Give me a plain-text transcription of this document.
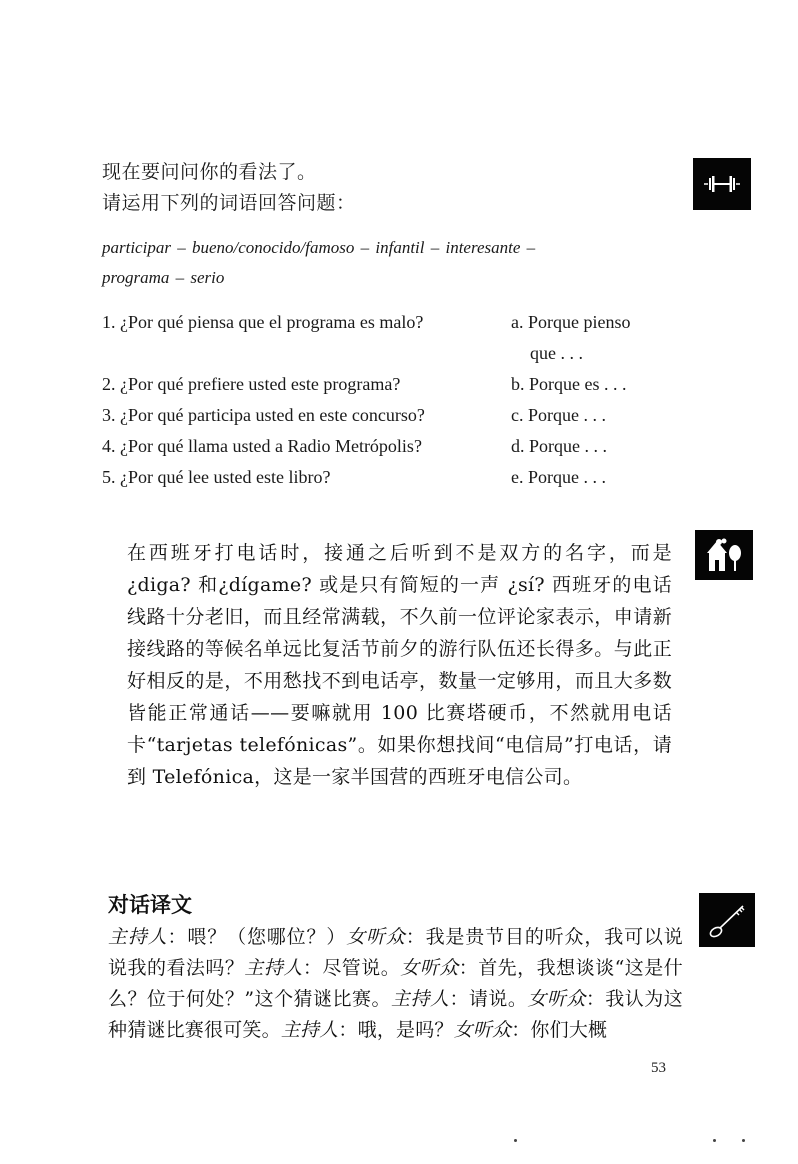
现在要问问你的看法了。
请运用下列的词语回答问题：
participar – bueno/conocido/famoso – infantil – interesante –
programa – serio
1. ¿Por qué piensa que el programa es malo?
2. ¿Por qué prefiere usted este programa?
3. ¿Por qué participa usted en este concurso?
4. ¿Por qué llama usted a Radio Metrópolis?
5. ¿Por qué lee usted este libro?
a. Porque pienso
que . . .
b. Porque es . . .
c. Porque . . .
d. Porque . . .
e. Porque . . .

在西班牙打电话时，接通之后听到不是双方的名字，而是¿diga? 和¿dígame? 或是只有简短的一声 ¿sí? 西班牙的电话线路十分老旧，而且经常满载，不久前一位评论家表示，申请新接线路的等候名单远比复活节前夕的游行队伍还长得多。与此正好相反的是，不用愁找不到电话亭，数量一定够用，而且大多数皆能正常通话——要嘛就用 100 比赛塔硬币，不然就用电话卡“tarjetas telefónicas”。如果你想找间“电信局”打电话，请到 Telefónica，这是一家半国营的西班牙电信公司。

对话译文

主持人：喂？（您哪位？）女听众：我是贵节目的听众，我可以说说我的看法吗？主持人：尽管说。女听众：首先，我想谈谈“这是什么？位于何处？”这个猜谜比赛。主持人：请说。女听众：我认为这种猜谜比赛很可笑。主持人：哦，是吗？女听众：你们大概

53
